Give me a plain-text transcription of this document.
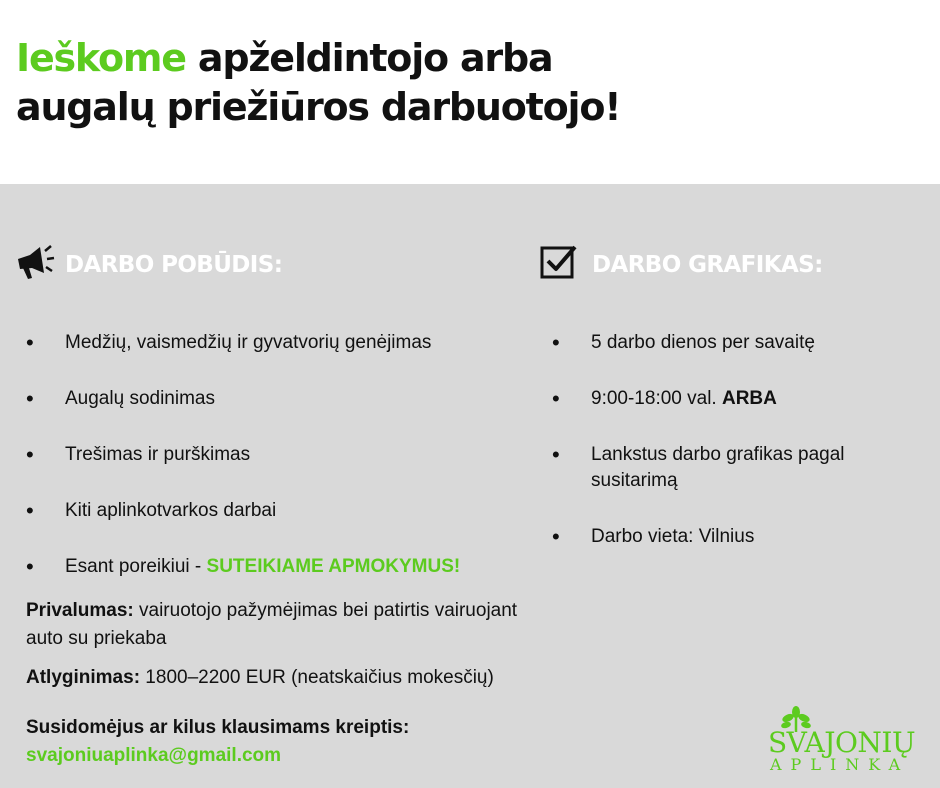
Ieškome apželdintojo arba
augalų priežiūros darbuotojo!
DARBO POBŪDIS:
• Medžių, vaismedžių ir gyvatvorių genėjimas
• Augalų sodinimas
• Trešimas ir purškimas
• Kiti aplinkotvarkos darbai
• Esant poreikiui - SUTEIKIAME APMOKYMUS!
DARBO GRAFIKAS:
• 5 darbo dienos per savaitę
• 9:00-18:00 val. ARBA
• Lankstus darbo grafikas pagal susitarimą
• Darbo vieta: Vilnius

Privalumas: vairuotojo pažymėjimas bei patirtis vairuojant auto su priekaba

Atlyginimas: 1800–2200 EUR (neatskaičius mokesčių)

Susidomėjus ar kilus klausimams kreiptis:

svajoniuaplinka@gmail.com	SVAJONIŲ
APLINKA
